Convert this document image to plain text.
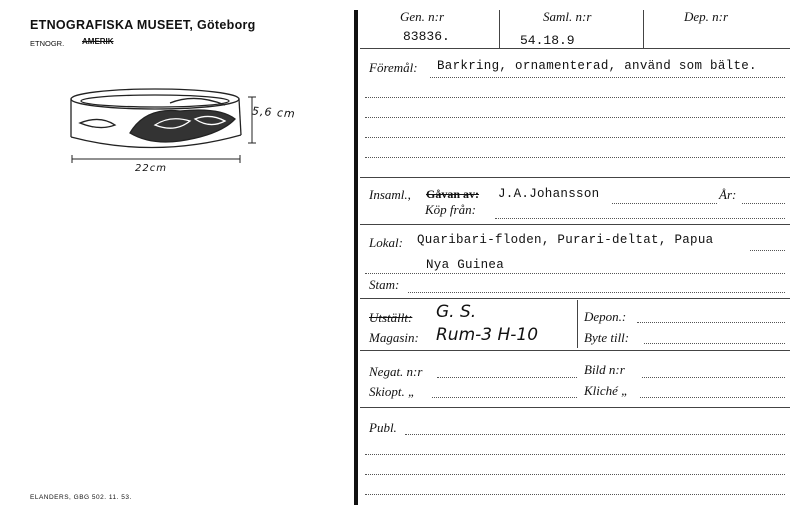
ETNOGRAFISKA MUSEET, Göteborg
ETNOGR. AMERIK
5,6 cm
22cm
ELANDERS, GBG 502. 11. 53.
Gen. n:r
83836.
Saml. n:r
54.18.9
Dep. n:r
Föremål: Barkring, ornamenterad, använd som bälte.
Insaml., Gåvan av: J.A.Johansson	År:
Köp från:
Lokal: Quaribari-floden, Purari-deltat, Papua
Nya Guinea
Stam:
Utställt: G. S.
Magasin: Rum-3 H-10
Depon.:
Byte till:
Negat. n:r	Bild n:r
Skiopt. „	Kliché „
Publ.
